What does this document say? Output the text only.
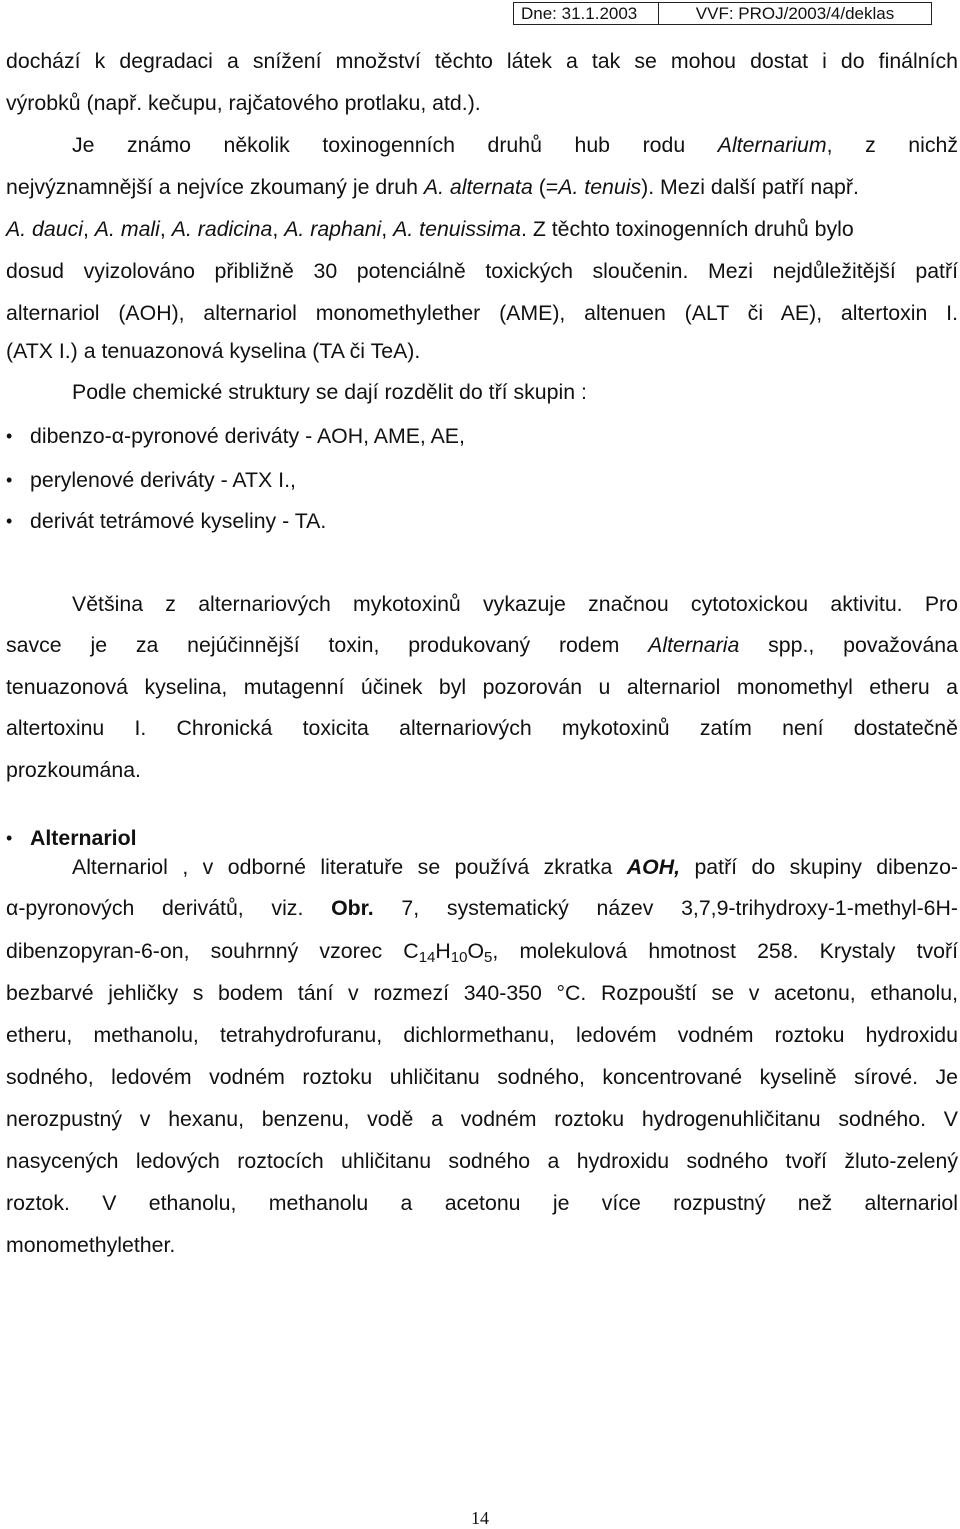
Dne: 31.1.2003	VVF: PROJ/2003/4/deklas
dochází k degradaci a snížení množství těchto látek a tak se mohou dostat i do finálních
výrobků (např. kečupu, rajčatového protlaku, atd.).
Je známo několik toxinogenních druhů hub rodu Alternarium, z nichž
nejvýznamnější a nejvíce zkoumaný je druh A. alternata (=A. tenuis). Mezi další patří např.
A. dauci, A. mali, A. radicina, A. raphani, A. tenuissima. Z těchto toxinogenních druhů bylo
dosud vyizolováno přibližně 30 potenciálně toxických sloučenin. Mezi nejdůležitější patří
alternariol (AOH), alternariol monomethylether (AME), altenuen (ALT či AE), altertoxin I.
(ATX I.) a tenuazonová kyselina (TA či TeA).
Podle chemické struktury se dají rozdělit do tří skupin :
• dibenzo-α-pyronové deriváty - AOH, AME, AE,
• perylenové deriváty - ATX I.,
• derivát tetrámové kyseliny - TA.
Většina z alternariových mykotoxinů vykazuje značnou cytotoxickou aktivitu. Pro
savce je za nejúčinnější toxin, produkovaný rodem Alternaria spp., považována
tenuazonová kyselina, mutagenní účinek byl pozorován u alternariol monomethyl etheru a
altertoxinu I. Chronická toxicita alternariových mykotoxinů zatím není dostatečně
prozkoumána.
• Alternariol
Alternariol , v odborné literatuře se používá zkratka AOH, patří do skupiny dibenzo-
α-pyronových derivátů, viz. Obr. 7, systematický název 3,7,9-trihydroxy-1-methyl-6H-
dibenzopyran-6-on, souhrnný vzorec $C_{14}H_{10}O_5$, molekulová hmotnost 258. Krystaly tvoří
bezbarvé jehličky s bodem tání v rozmezí 340-350 °C. Rozpouští se v acetonu, ethanolu,
etheru, methanolu, tetrahydrofuranu, dichlormethanu, ledovém vodném roztoku hydroxidu
sodného, ledovém vodném roztoku uhličitanu sodného, koncentrované kyselině sírové. Je
nerozpustný v hexanu, benzenu, vodě a vodném roztoku hydrogenuhličitanu sodného. V
nasycených ledových roztocích uhličitanu sodného a hydroxidu sodného tvoří žluto-zelený
roztok. V ethanolu, methanolu a acetonu je více rozpustný než alternariol
monomethylether.
14
